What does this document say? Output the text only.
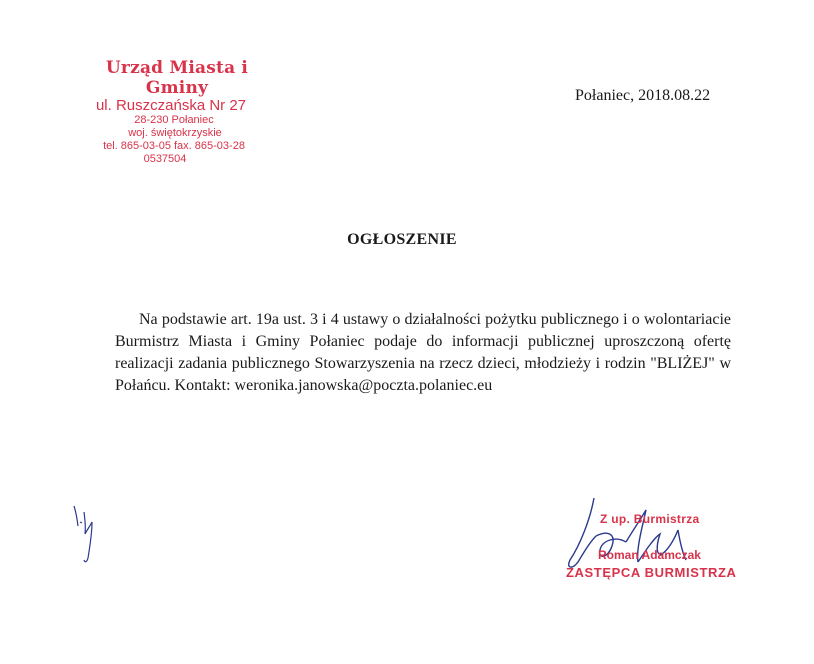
Urząd Miasta i Gminy
ul. Ruszczańska Nr 27
28-230 Połaniec
woj. świętokrzyskie
tel. 865-03-05 fax. 865-03-28
0537504
Połaniec, 2018.08.22
OGŁOSZENIE

Na podstawie art. 19a ust. 3 i 4 ustawy o działalności pożytku publicznego i o wolontariacie Burmistrz Miasta i Gminy Połaniec podaje do informacji publicznej uproszczoną ofertę realizacji zadania publicznego Stowarzyszenia na rzecz dzieci, młodzieży i rodzin "BLIŻEJ" w Połańcu. Kontakt: weronika.janowska@poczta.polaniec.eu

Z up. Burmistrza
Roman Adamczak
ZASTĘPCA BURMISTRZA
